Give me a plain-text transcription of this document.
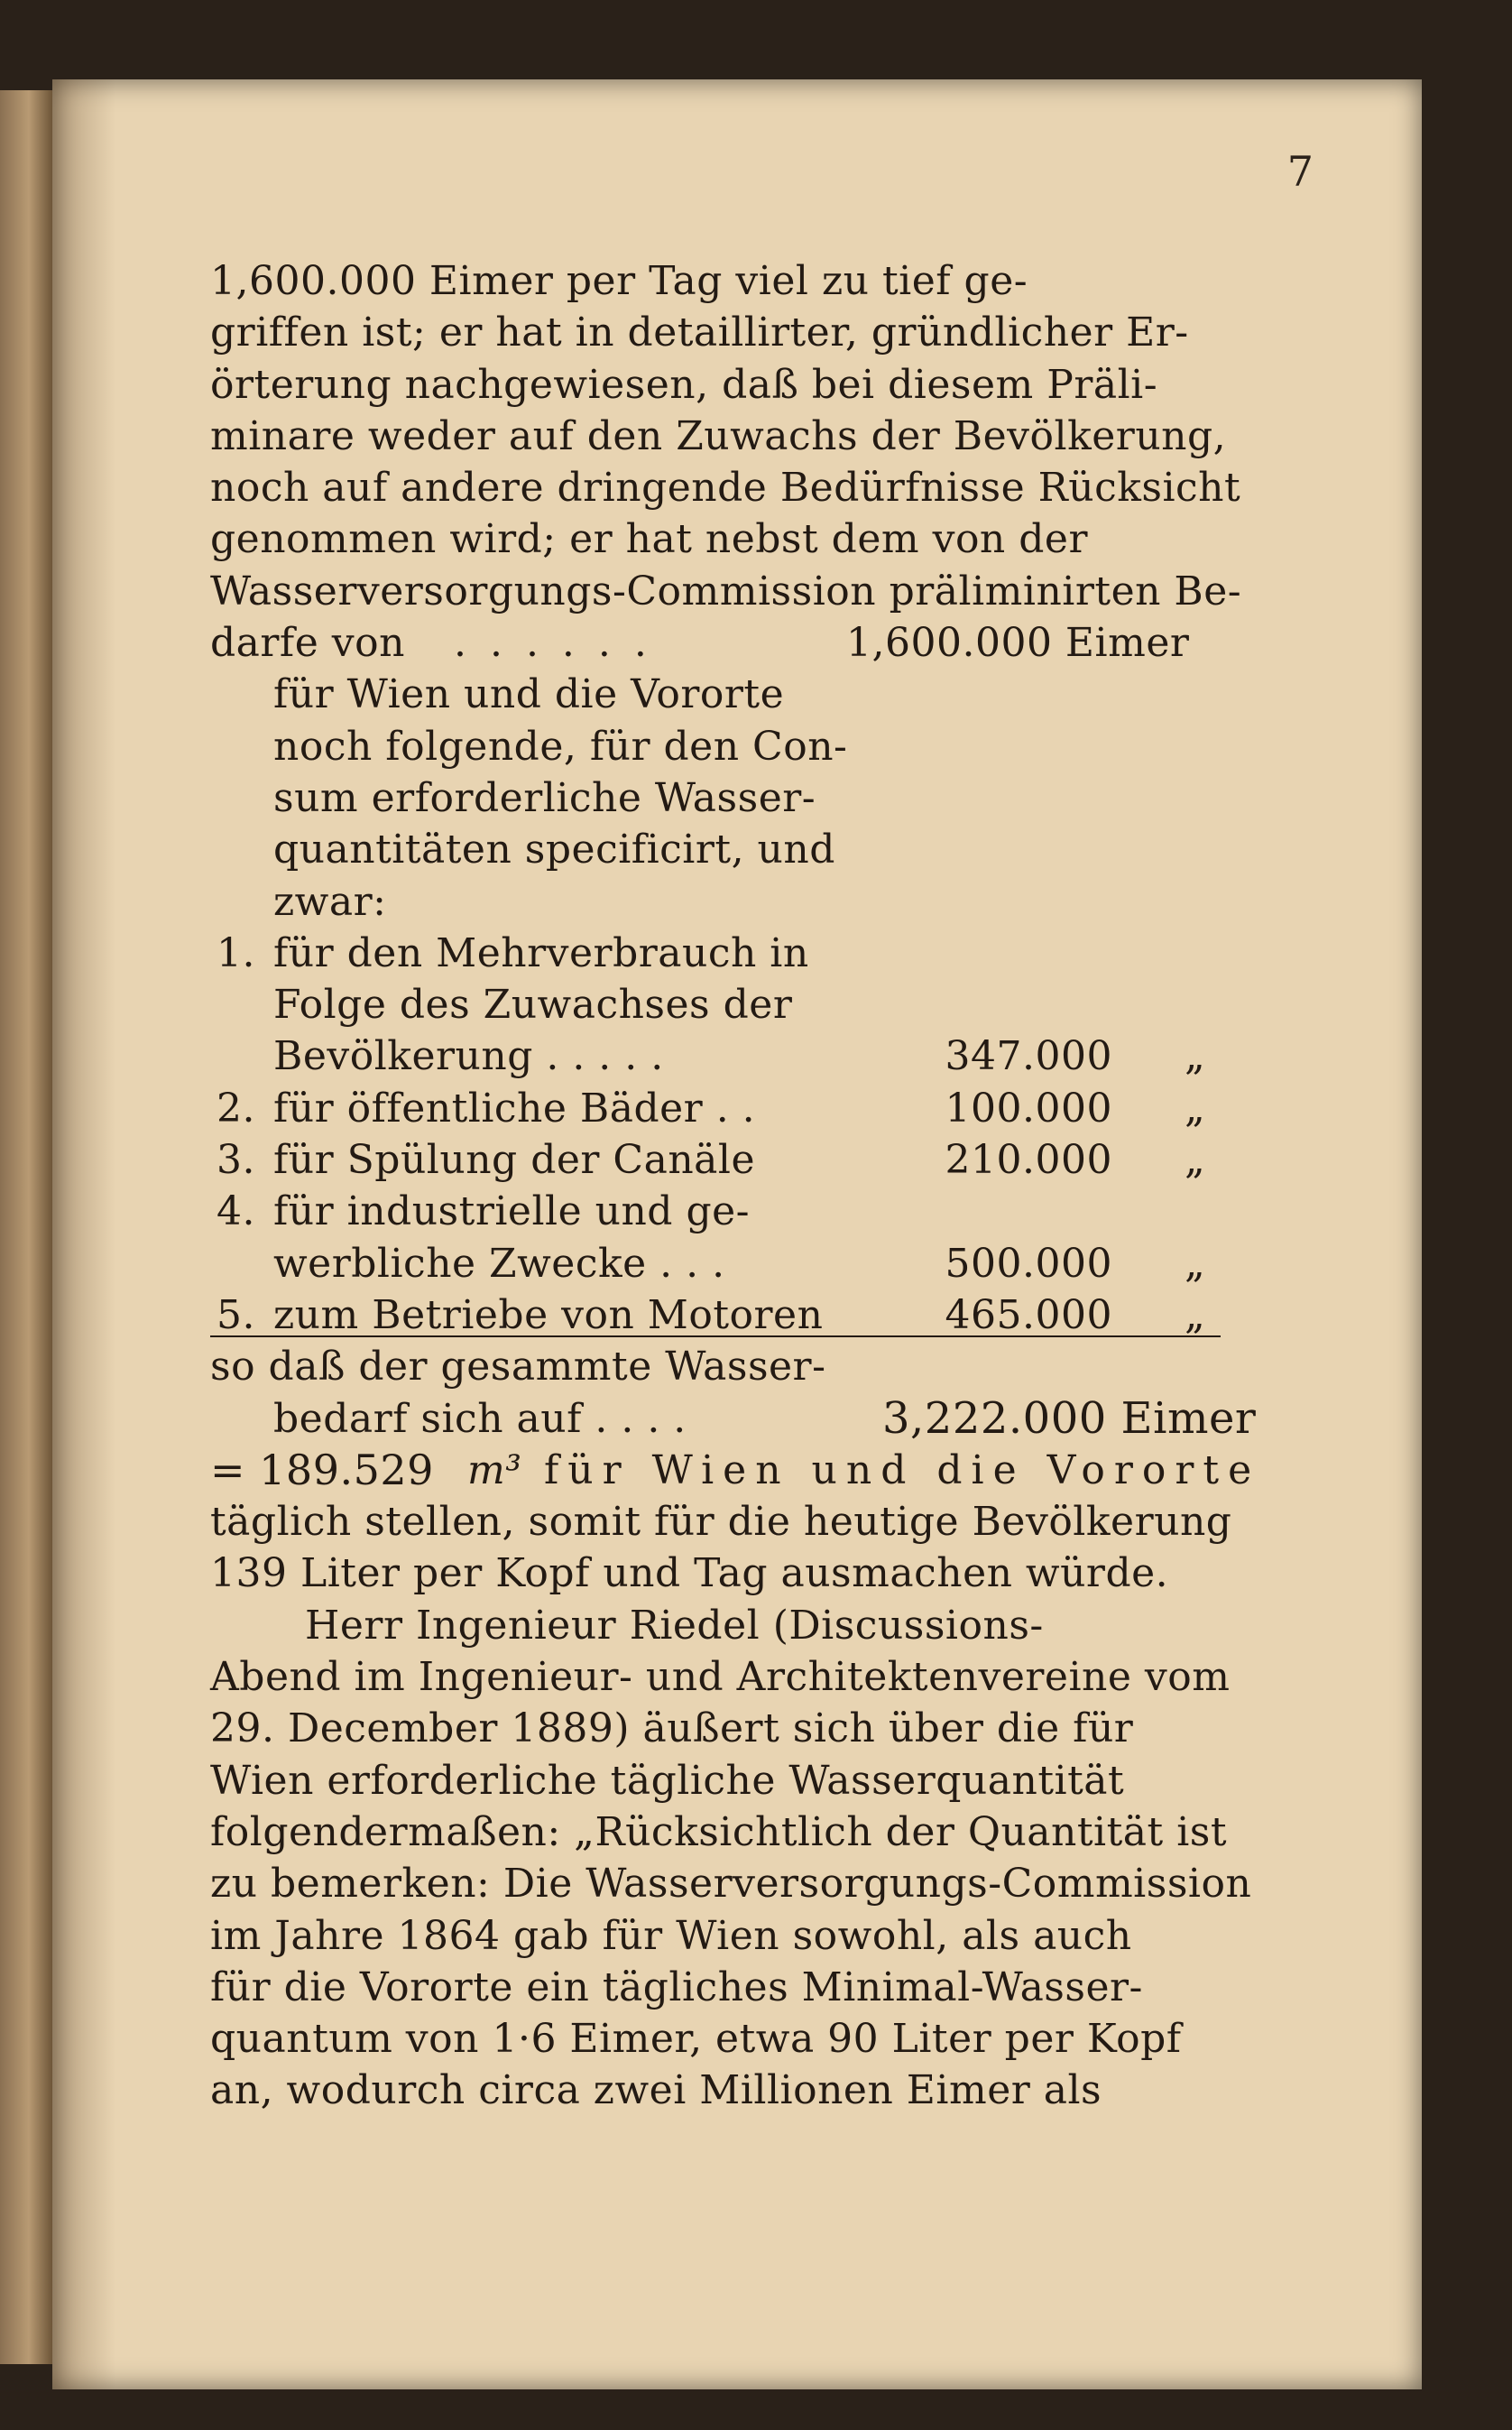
7
1,600.000 Eimer per Tag viel zu tief ge-
griffen ist; er hat in detaillirter, gründlicher Er-
örterung nachgewiesen, daß bei diesem Präli-
minare weder auf den Zuwachs der Bevölkerung,
noch auf andere dringende Bedürfnisse Rücksicht
genommen wird; er hat nebst dem von der
Wasserversorgungs-Commission präliminirten Be-
darfe von . . . . . .	1,600.000 Eimer
für Wien und die Vororte
noch folgende, für den Con-
sum erforderliche Wasser-
quantitäten specificirt, und
zwar:
1. für den Mehrverbrauch in
Folge des Zuwachses der
Bevölkerung . . . . .	347.000 „
2. für öffentliche Bäder . .	100.000 „
3. für Spülung der Canäle	210.000 „
4. für industrielle und ge-
werbliche Zwecke . . .	500.000 „
5. zum Betriebe von Motoren	465.000 „
so daß der gesammte Wasser-
bedarf sich auf . . . .	3,222.000 Eimer
= 189.529 m³ für Wien und die Vororte
täglich stellen, somit für die heutige Bevölkerung
139 Liter per Kopf und Tag ausmachen würde.
Herr Ingenieur Riedel (Discussions-
Abend im Ingenieur- und Architektenvereine vom
29. December 1889) äußert sich über die für
Wien erforderliche tägliche Wasserquantität
folgendermaßen: „Rücksichtlich der Quantität ist
zu bemerken: Die Wasserversorgungs-Commission
im Jahre 1864 gab für Wien sowohl, als auch
für die Vororte ein tägliches Minimal-Wasser-
quantum von 1·6 Eimer, etwa 90 Liter per Kopf
an, wodurch circa zwei Millionen Eimer als
